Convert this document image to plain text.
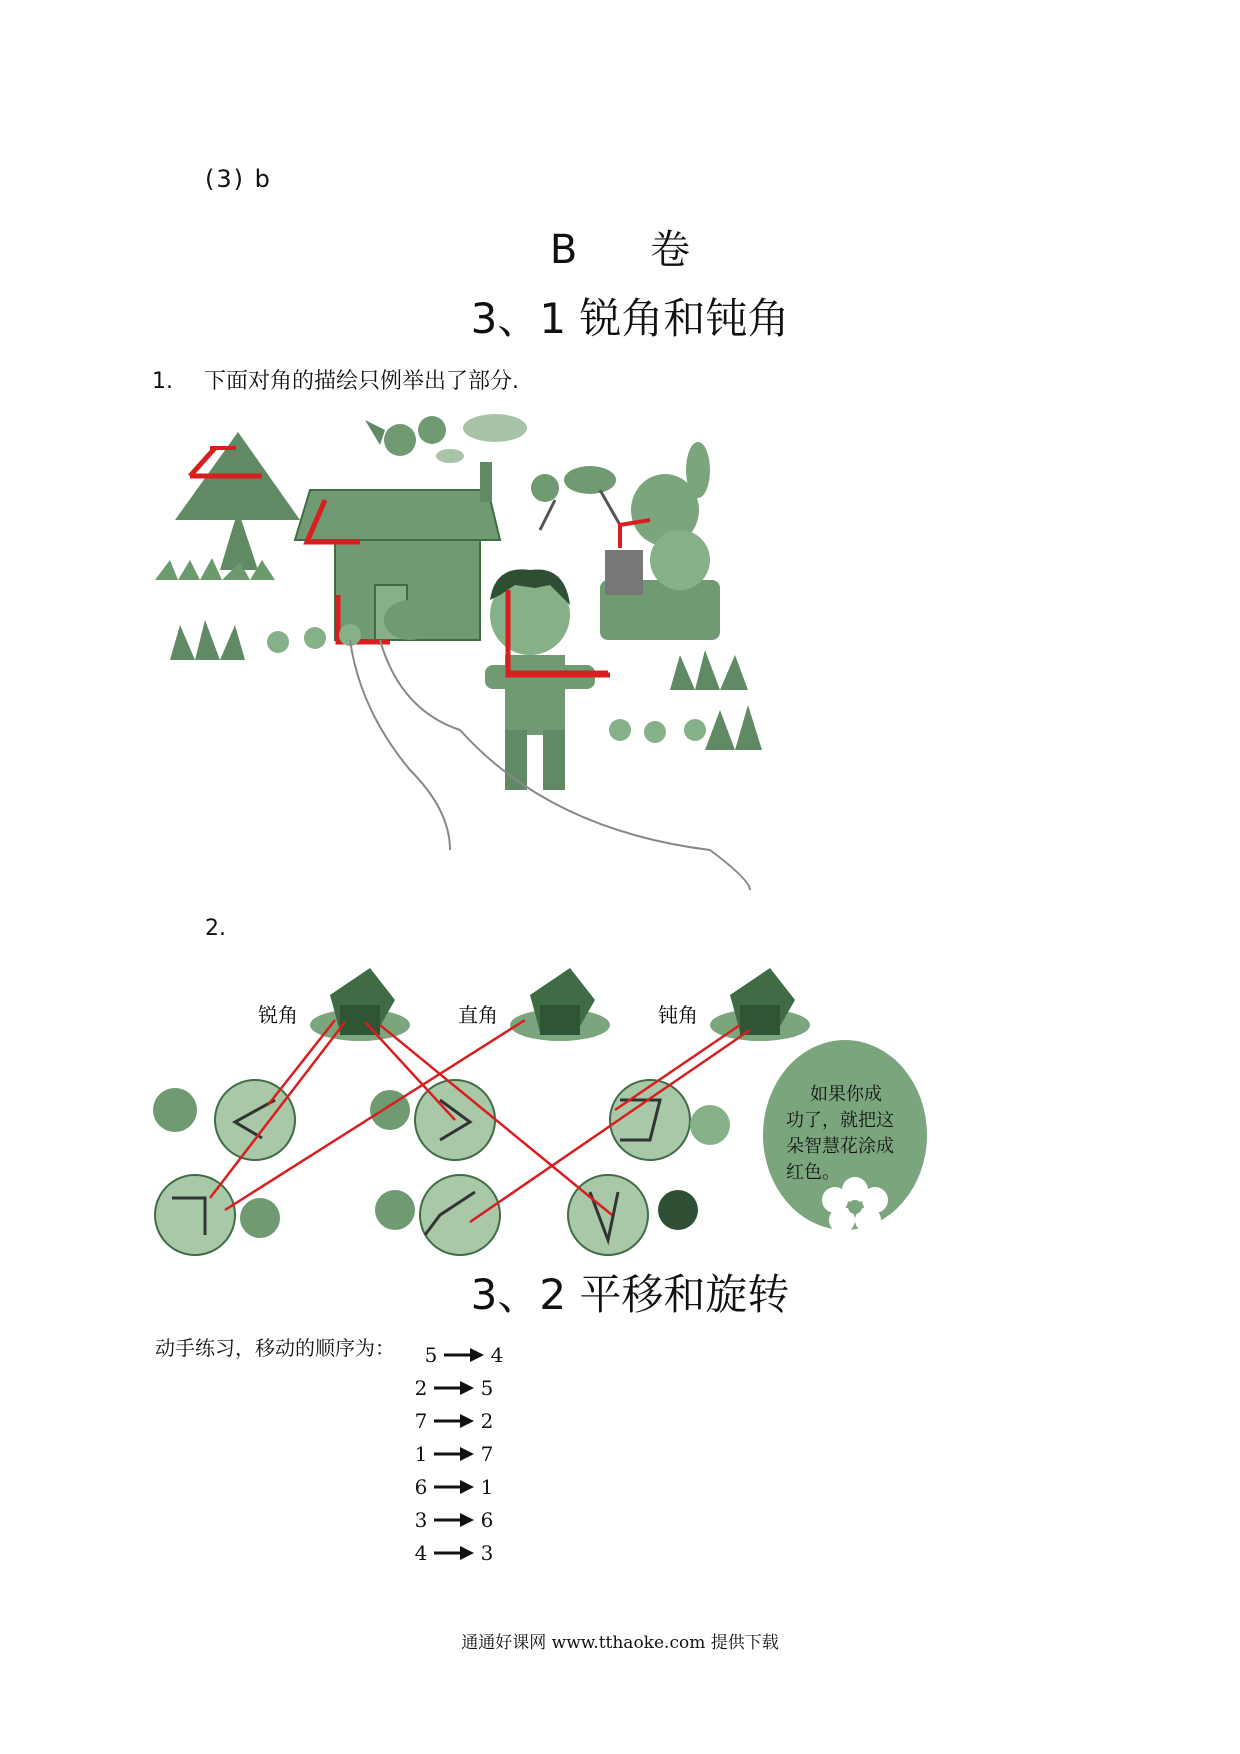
(3) b
B 卷
3、1 锐角和钝角
1. 下面对角的描绘只例举出了部分.
2.
锐角	直角	钝角
如果你成
功了，就把这
朵智慧花涂成
红色。
3、2 平移和旋转
动手练习，移动的顺序为： 5	4
2	5
7	2
1	7
6	1
3	6
4	3
通通好课网 www.tthaoke.com 提供下载
